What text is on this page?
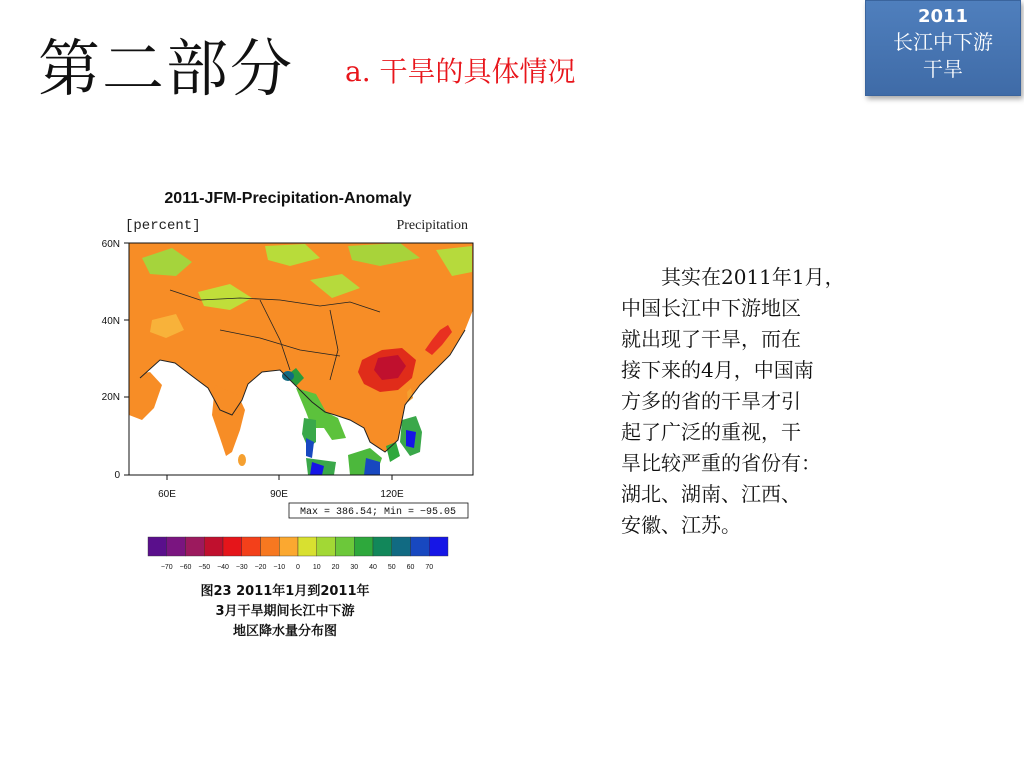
第二部分 a. 干旱的具体情况
2011
长江中下游
干旱
2011-JFM-Precipitation-Anomaly
[percent]	Precipitation
60N
40N
20N
0
60E	90E	120E
Max = 386.54; Min = −95.05
−70 −60 −50 −40 −30 −20 −10 0 10 20 30 40 50 60 70
图23 2011年1月到2011年
3月干旱期间长江中下游
地区降水量分布图
　　其实在2011年1月，
中国长江中下游地区
就出现了干旱，而在
接下来的4月，中国南
方多的省的干旱才引
起了广泛的重视，干
旱比较严重的省份有：
湖北、湖南、江西、
安徽、江苏。
